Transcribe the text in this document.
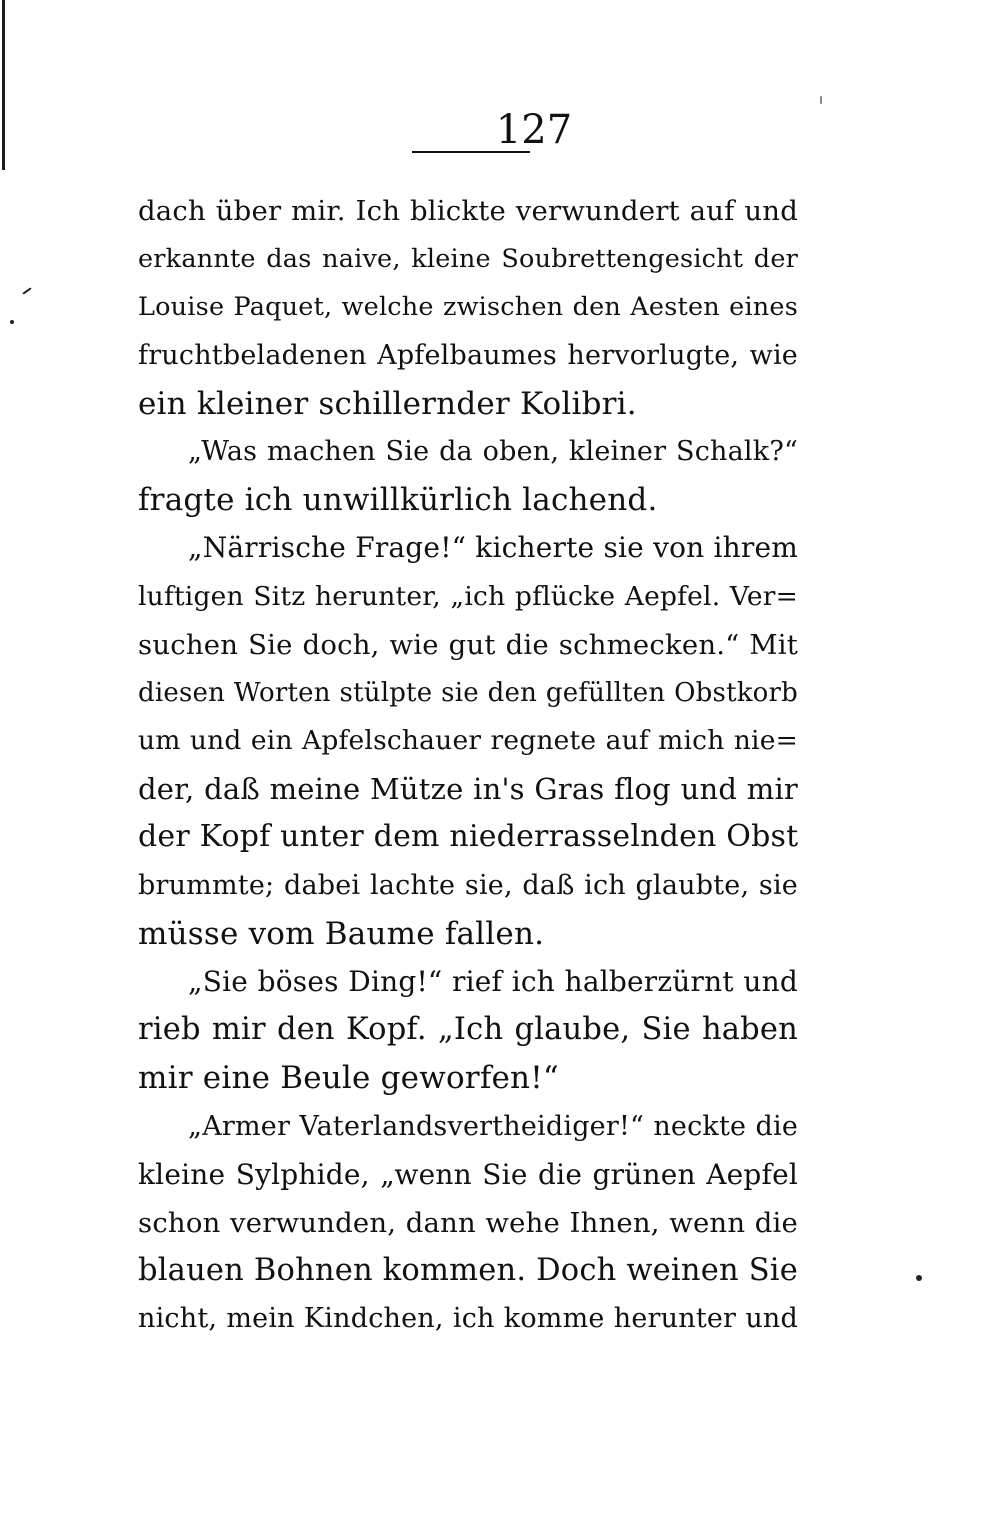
127
dach über mir. Ich blickte verwundert auf und
erkannte das naive, kleine Soubrettengesicht der
Louise Paquet, welche zwischen den Aesten eines
fruchtbeladenen Apfelbaumes hervorlugte, wie
ein kleiner schillernder Kolibri.
„Was machen Sie da oben, kleiner Schalk?“
fragte ich unwillkürlich lachend.
„Närrische Frage!“ kicherte sie von ihrem
luftigen Sitz herunter, „ich pflücke Aepfel. Ver=
suchen Sie doch, wie gut die schmecken.“ Mit
diesen Worten stülpte sie den gefüllten Obstkorb
um und ein Apfelschauer regnete auf mich nie=
der, daß meine Mütze in's Gras flog und mir
der Kopf unter dem niederrasselnden Obst
brummte; dabei lachte sie, daß ich glaubte, sie
müsse vom Baume fallen.
„Sie böses Ding!“ rief ich halberzürnt und
rieb mir den Kopf. „Ich glaube, Sie haben
mir eine Beule geworfen!“
„Armer Vaterlandsvertheidiger!“ neckte die
kleine Sylphide, „wenn Sie die grünen Aepfel
schon verwunden, dann wehe Ihnen, wenn die
blauen Bohnen kommen. Doch weinen Sie
nicht, mein Kindchen, ich komme herunter und
